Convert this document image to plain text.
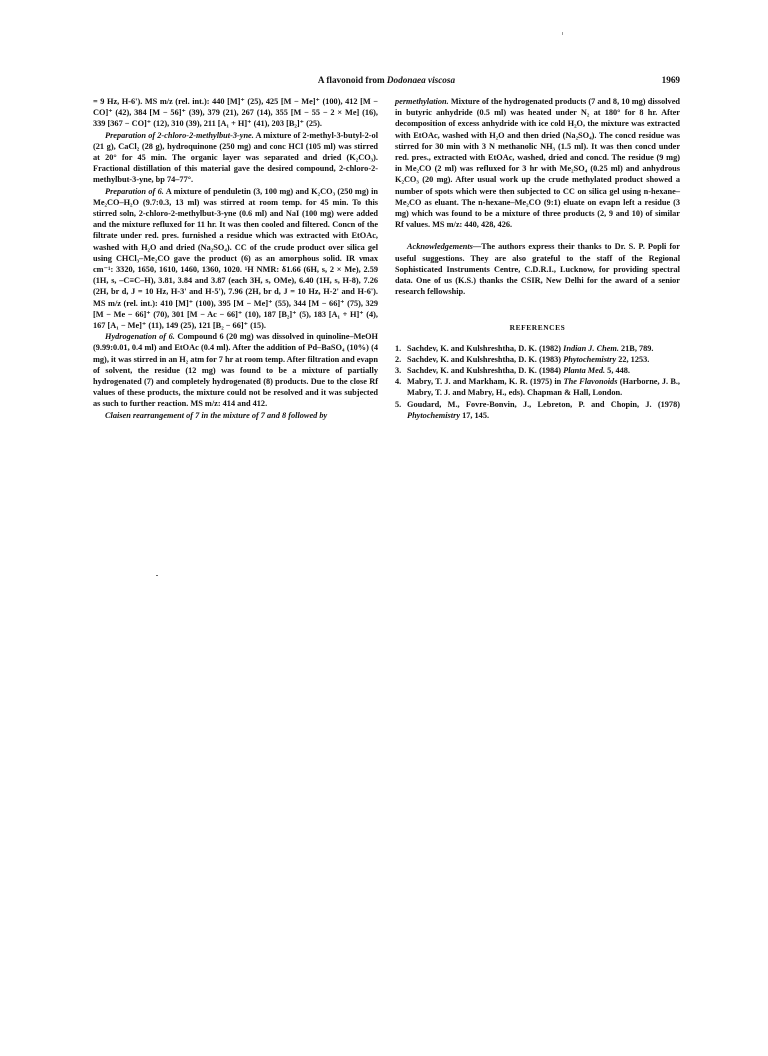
A flavonoid from Dodonaea viscosa	1969

= 9 Hz, H-6'). MS m/z (rel. int.): 440 [M]⁺ (25), 425 [M − Me]⁺ (100), 412 [M − CO]⁺ (42), 384 [M − 56]⁺ (39), 379 (21), 267 (14), 355 [M − 55 − 2 × Me] (16), 339 [367 − CO]⁺ (12), 310 (39), 211 [A₁ + H]⁺ (41), 203 [B₂]⁺ (25).

Preparation of 2-chloro-2-methylbut-3-yne. A mixture of 2-methyl-3-butyl-2-ol (21 g), CaCl₂ (28 g), hydroquinone (250 mg) and conc HCl (105 ml) was stirred at 20° for 45 min. The organic layer was separated and dried (K₂CO₃). Fractional distillation of this material gave the desired compound, 2-chloro-2-methylbut-3-yne, bp 74–77°.

Preparation of 6. A mixture of penduletin (3, 100 mg) and K₂CO₃ (250 mg) in Me₂CO–H₂O (9.7:0.3, 13 ml) was stirred at room temp. for 45 min. To this stirred soln, 2-chloro-2-methylbut-3-yne (0.6 ml) and NaI (100 mg) were added and the mixture refluxed for 11 hr. It was then cooled and filtered. Concn of the filtrate under red. pres. furnished a residue which was extracted with EtOAc, washed with H₂O and dried (Na₂SO₄). CC of the crude product over silica gel using CHCl₃–Me₂CO gave the product (6) as an amorphous solid. IR νmax cm⁻¹: 3320, 1650, 1610, 1460, 1360, 1020. ¹H NMR: δ1.66 (6H, s, 2 × Me), 2.59 (1H, s, –C≡C–H), 3.81, 3.84 and 3.87 (each 3H, s, OMe), 6.40 (1H, s, H-8), 7.26 (2H, br d, J = 10 Hz, H-3' and H-5'), 7.96 (2H, br d, J = 10 Hz, H-2' and H-6'). MS m/z (rel. int.): 410 [M]⁺ (100), 395 [M − Me]⁺ (55), 344 [M − 66]⁺ (75), 329 [M − Me − 66]⁺ (70), 301 [M − Ac − 66]⁺ (10), 187 [B₂]⁺ (5), 183 [A₁ + H]⁺ (4), 167 [A₁ − Me]⁺ (11), 149 (25), 121 [B₂ − 66]⁺ (15).

Hydrogenation of 6. Compound 6 (20 mg) was dissolved in quinoline–MeOH (9.99:0.01, 0.4 ml) and EtOAc (0.4 ml). After the addition of Pd–BaSO₄ (10%) (4 mg), it was stirred in an H₂ atm for 7 hr at room temp. After filtration and evapn of solvent, the residue (12 mg) was found to be a mixture of partially hydrogenated (7) and completely hydrogenated (8) products. Due to the close Rf values of these products, the mixture could not be resolved and it was subjected as such to further reaction. MS m/z: 414 and 412.

Claisen rearrangement of 7 in the mixture of 7 and 8 followed by

permethylation. Mixture of the hydrogenated products (7 and 8, 10 mg) dissolved in butyric anhydride (0.5 ml) was heated under N₂ at 180° for 8 hr. After decomposition of excess anhydride with ice cold H₂O, the mixture was extracted with EtOAc, washed with H₂O and then dried (Na₂SO₄). The concd residue was stirred for 30 min with 3 N methanolic NH₃ (1.5 ml). It was then concd under red. pres., extracted with EtOAc, washed, dried and concd. The residue (9 mg) in Me₂CO (2 ml) was refluxed for 3 hr with Me₂SO₄ (0.25 ml) and anhydrous K₂CO₃ (20 mg). After usual work up the crude methylated product showed a number of spots which were then subjected to CC on silica gel using n-hexane–Me₂CO as eluant. The n-hexane–Me₂CO (9:1) eluate on evapn left a residue (3 mg) which was found to be a mixture of three products (2, 9 and 10) of similar Rf values. MS m/z: 440, 428, 426.

Acknowledgements—The authors express their thanks to Dr. S. P. Popli for useful suggestions. They are also grateful to the staff of the Regional Sophisticated Instruments Centre, C.D.R.I., Lucknow, for providing spectral data. One of us (K.S.) thanks the CSIR, New Delhi for the award of a senior research fellowship.

REFERENCES
1. Sachdev, K. and Kulshreshtha, D. K. (1982) Indian J. Chem. 21B, 789.
2. Sachdev, K. and Kulshreshtha, D. K. (1983) Phytochemistry 22, 1253.
3. Sachdev, K. and Kulshreshtha, D. K. (1984) Planta Med. 5, 448.
4. Mabry, T. J. and Markham, K. R. (1975) in The Flavonoids (Harborne, J. B., Mabry, T. J. and Mabry, H., eds). Chapman & Hall, London.
5. Goudard, M., Fovre-Bonvin, J., Lebreton, P. and Chopin, J. (1978) Phytochemistry 17, 145.
